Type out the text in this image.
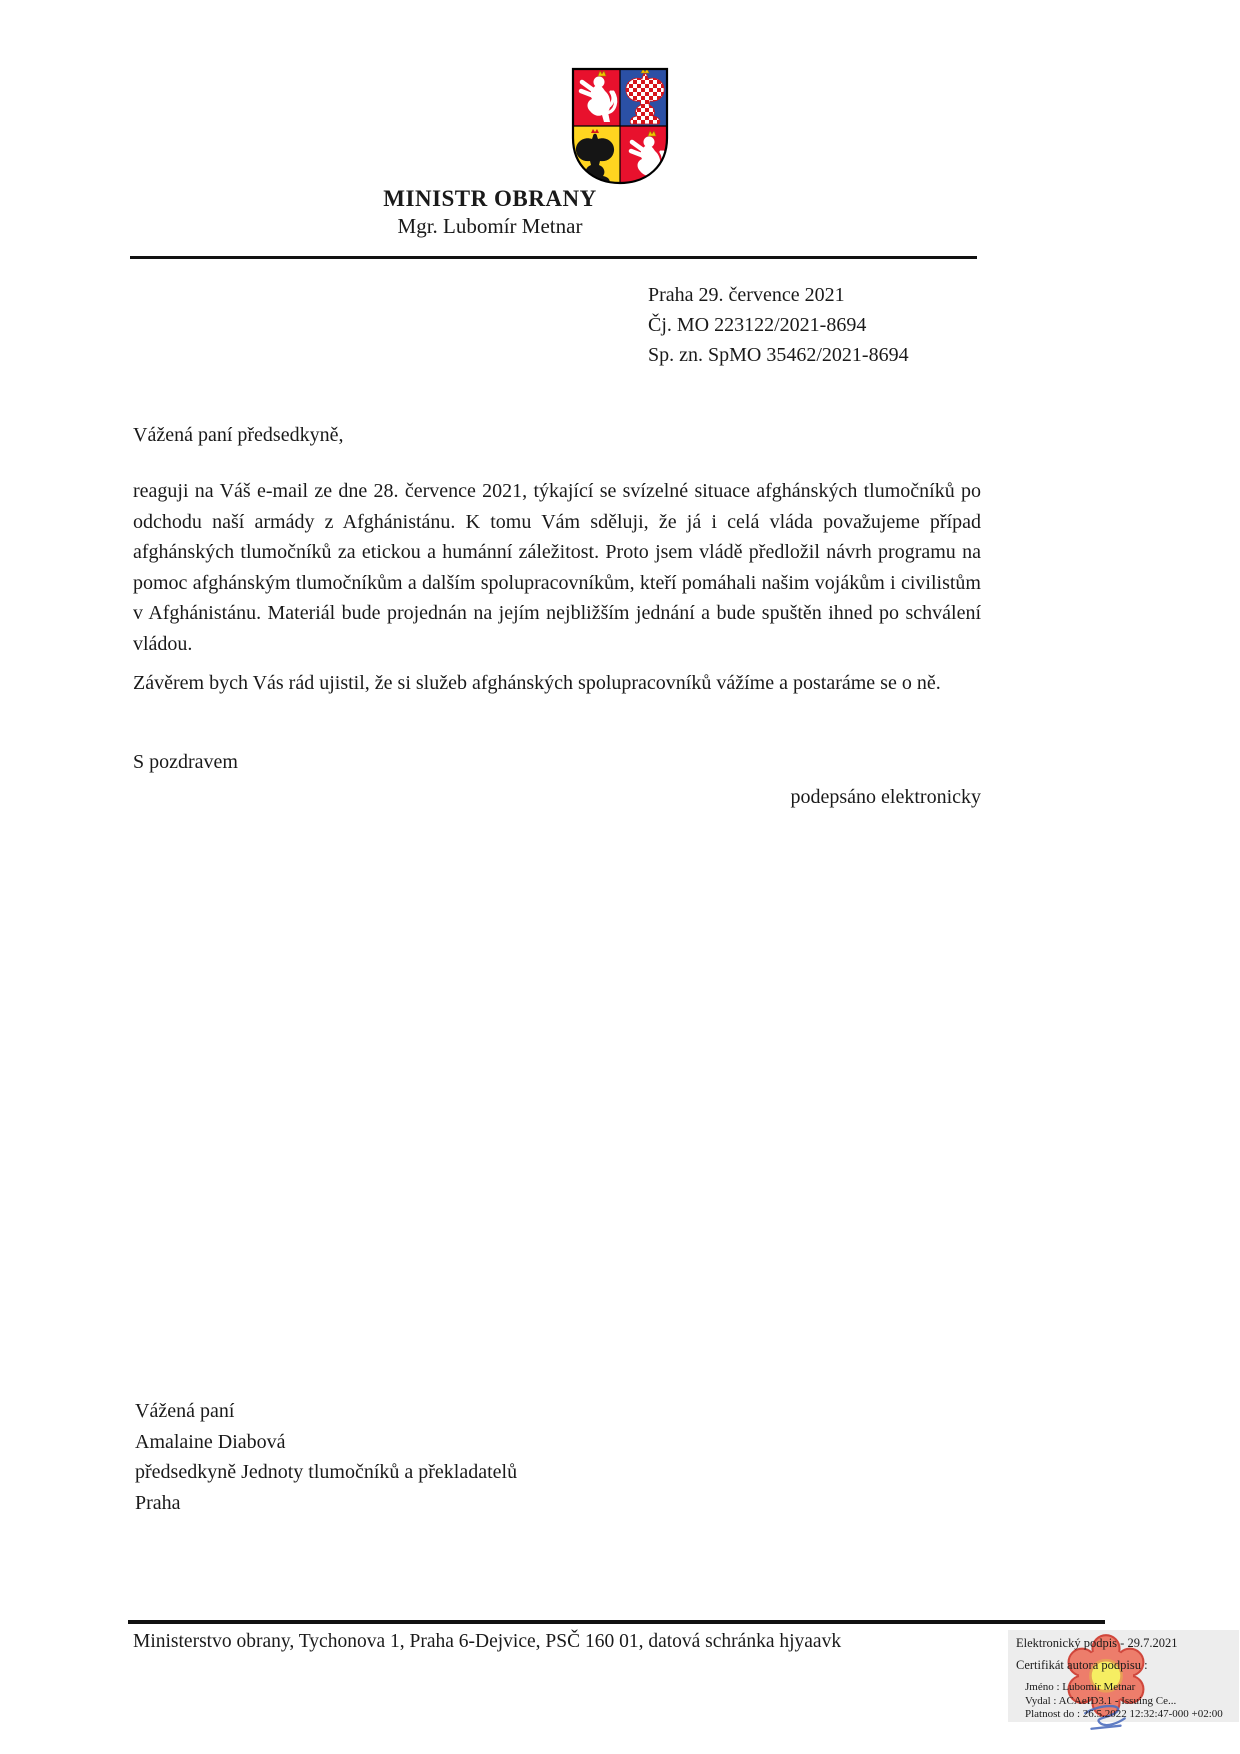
MINISTR OBRANY
Mgr. Lubomír Metnar
Praha 29. července 2021
Čj. MO 223122/2021-8694
Sp. zn. SpMO 35462/2021-8694
Vážená paní předsedkyně,
reaguji na Váš e-mail ze dne 28. července 2021, týkající se svízelné situace afghánských tlumočníků po odchodu naší armády z Afghánistánu. K tomu Vám sděluji, že já i celá vláda považujeme případ afghánských tlumočníků za etickou a humánní záležitost. Proto jsem vládě předložil návrh programu na pomoc afghánským tlumočníkům a dalším spolupracovníkům, kteří pomáhali našim vojákům i civilistům v Afghánistánu. Materiál bude projednán na jejím nejbližším jednání a bude spuštěn ihned po schválení vládou.
Závěrem bych Vás rád ujistil, že si služeb afghánských spolupracovníků vážíme a postaráme se o ně.
S pozdravem
podepsáno elektronicky
Vážená paní
Amalaine Diabová
předsedkyně Jednoty tlumočníků a překladatelů
Praha
Ministerstvo obrany, Tychonova 1, Praha 6-Dejvice, PSČ 160 01, datová schránka hjyaavk	Elektronický podpis - 29.7.2021
Certifikát autora podpisu :
Jméno : Lubomír Metnar
Vydal : ACAeID3.1 - Issuing Ce...
Platnost do : 26.5.2022 12:32:47-000 +02:00
